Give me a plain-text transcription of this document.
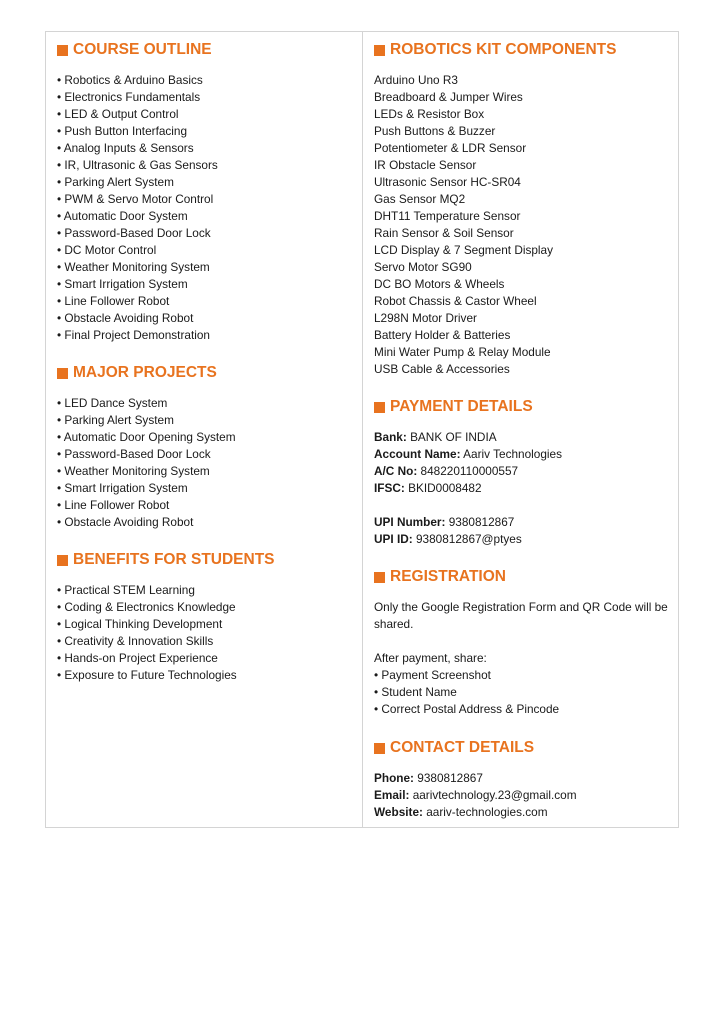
COURSE OUTLINE
• Robotics & Arduino Basics
• Electronics Fundamentals
• LED & Output Control
• Push Button Interfacing
• Analog Inputs & Sensors
• IR, Ultrasonic & Gas Sensors
• Parking Alert System
• PWM & Servo Motor Control
• Automatic Door System
• Password-Based Door Lock
• DC Motor Control
• Weather Monitoring System
• Smart Irrigation System
• Line Follower Robot
• Obstacle Avoiding Robot
• Final Project Demonstration
MAJOR PROJECTS
• LED Dance System
• Parking Alert System
• Automatic Door Opening System
• Password-Based Door Lock
• Weather Monitoring System
• Smart Irrigation System
• Line Follower Robot
• Obstacle Avoiding Robot
BENEFITS FOR STUDENTS
• Practical STEM Learning
• Coding & Electronics Knowledge
• Logical Thinking Development
• Creativity & Innovation Skills
• Hands-on Project Experience
• Exposure to Future Technologies
ROBOTICS KIT COMPONENTS
Arduino Uno R3
Breadboard & Jumper Wires
LEDs & Resistor Box
Push Buttons & Buzzer
Potentiometer & LDR Sensor
IR Obstacle Sensor
Ultrasonic Sensor HC-SR04
Gas Sensor MQ2
DHT11 Temperature Sensor
Rain Sensor & Soil Sensor
LCD Display & 7 Segment Display
Servo Motor SG90
DC BO Motors & Wheels
Robot Chassis & Castor Wheel
L298N Motor Driver
Battery Holder & Batteries
Mini Water Pump & Relay Module
USB Cable & Accessories
PAYMENT DETAILS
Bank: BANK OF INDIA
Account Name: Aariv Technologies
A/C No: 848220110000557
IFSC: BKID0008482
UPI Number: 9380812867
UPI ID: 9380812867@ptyes
REGISTRATION
Only the Google Registration Form and QR Code will be shared.
After payment, share:
• Payment Screenshot
• Student Name
• Correct Postal Address & Pincode
CONTACT DETAILS
Phone: 9380812867
Email: aarivtechnology.23@gmail.com
Website: aariv-technologies.com
